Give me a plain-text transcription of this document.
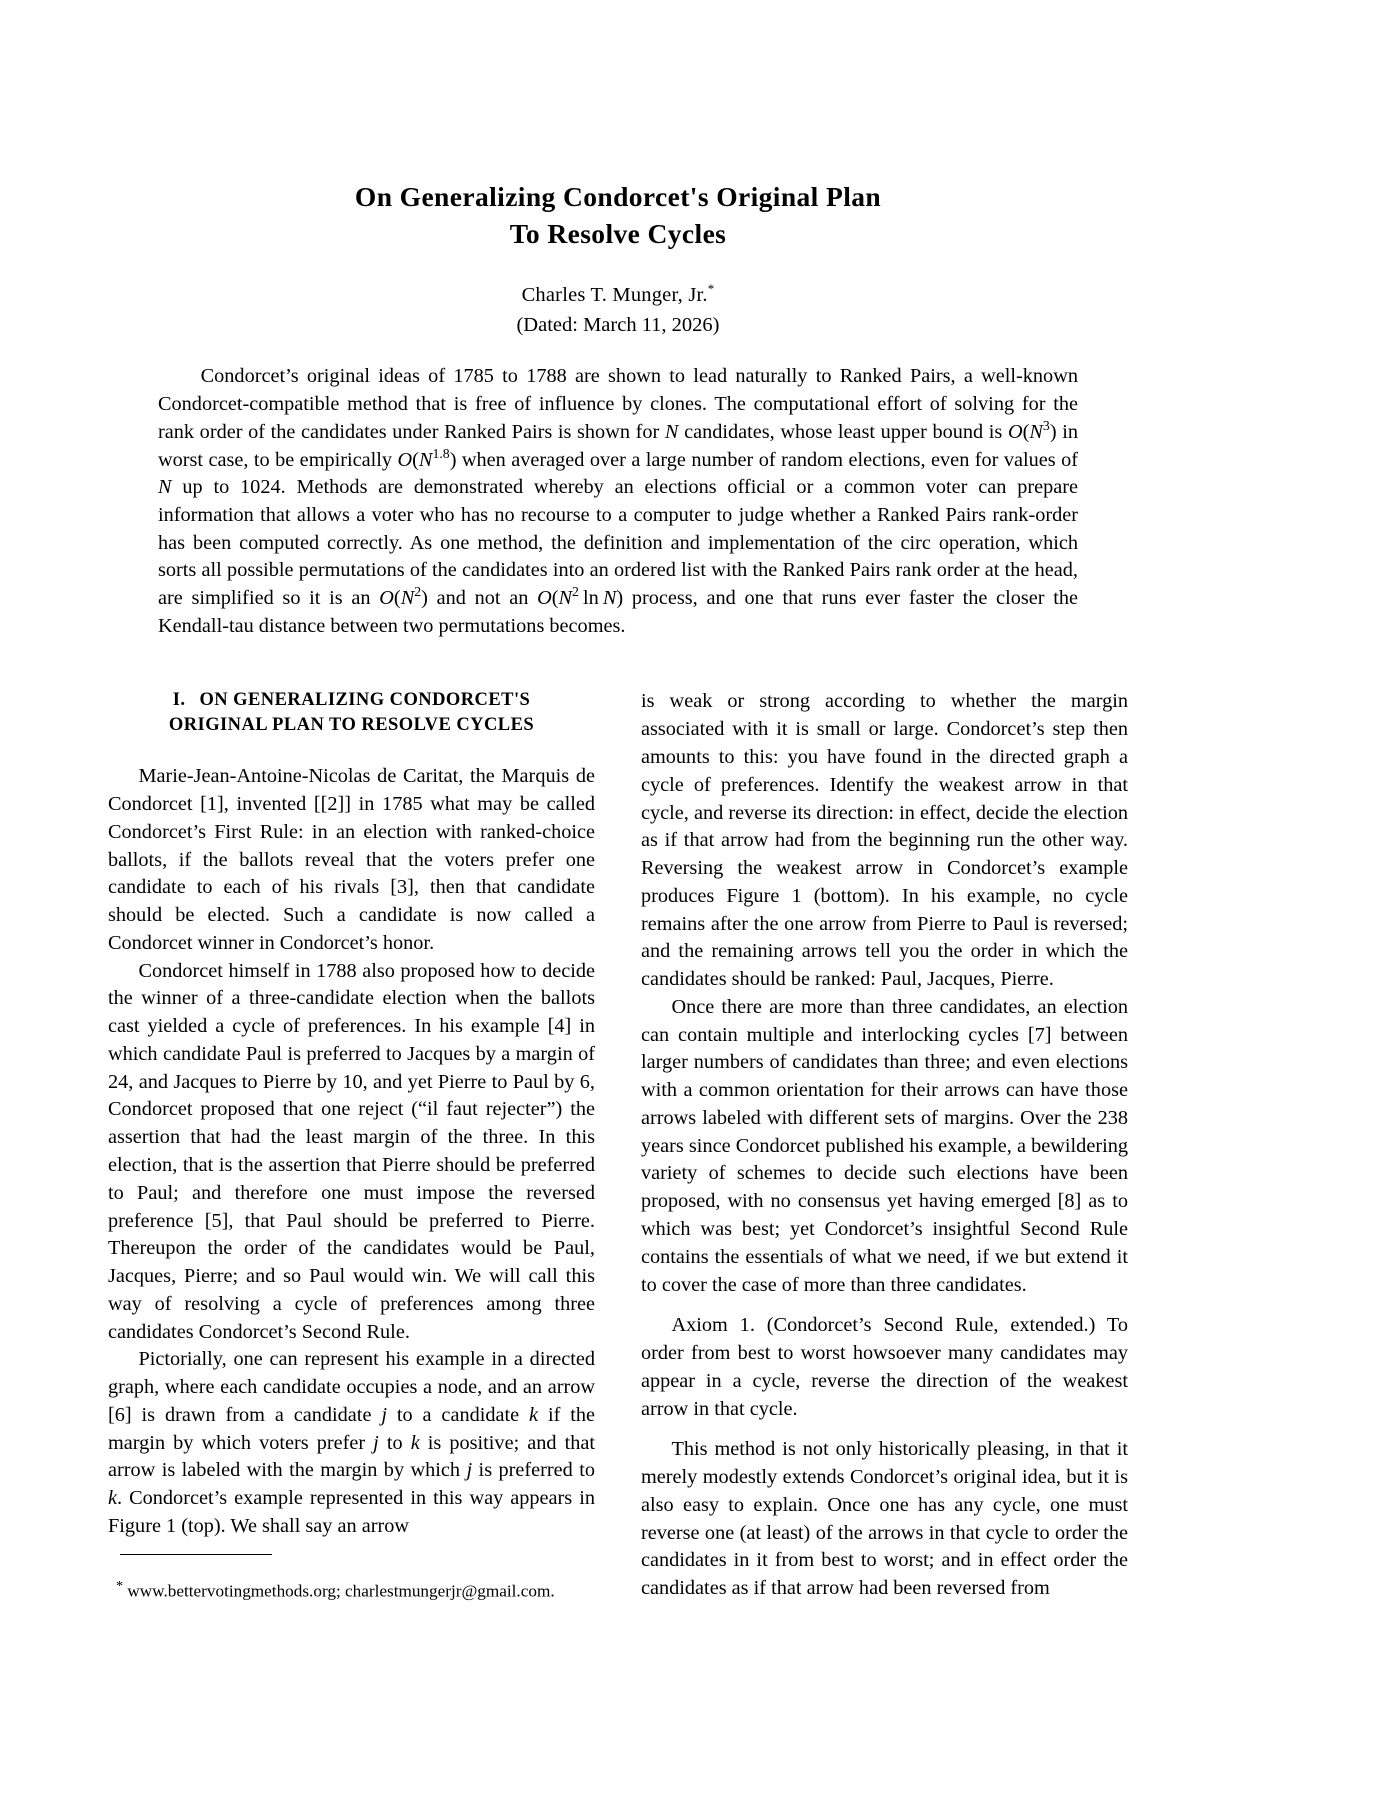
On Generalizing Condorcet's Original Plan
To Resolve Cycles
Charles T. Munger, Jr.*
(Dated: March 11, 2026)
Condorcet’s original ideas of 1785 to 1788 are shown to lead naturally to Ranked Pairs, a well-known Condorcet-compatible method that is free of influence by clones. The computational effort of solving for the rank order of the candidates under Ranked Pairs is shown for N candidates, whose least upper bound is $O(N^3)$ in worst case, to be empirically $O(N^{1.8})$ when averaged over a large number of random elections, even for values of N up to 1024. Methods are demonstrated whereby an elections official or a common voter can prepare information that allows a voter who has no recourse to a computer to judge whether a Ranked Pairs rank-order has been computed correctly. As one method, the definition and implementation of the circ operation, which sorts all possible permutations of the candidates into an ordered list with the Ranked Pairs rank order at the head, are simplified so it is an $O(N^2)$ and not an $O(N^2$ ln N) process, and one that runs ever faster the closer the Kendall-tau distance between two permutations becomes.
I. ON GENERALIZING CONDORCET'S
ORIGINAL PLAN TO RESOLVE CYCLES

Marie-Jean-Antoine-Nicolas de Caritat, the Marquis de Condorcet [1], invented [[2]] in 1785 what may be called Condorcet’s First Rule: in an election with ranked-choice ballots, if the ballots reveal that the voters prefer one candidate to each of his rivals [3], then that candidate should be elected. Such a candidate is now called a Condorcet winner in Condorcet’s honor.

Condorcet himself in 1788 also proposed how to decide the winner of a three-candidate election when the ballots cast yielded a cycle of preferences. In his example [4] in which candidate Paul is preferred to Jacques by a margin of 24, and Jacques to Pierre by 10, and yet Pierre to Paul by 6, Condorcet proposed that one reject (“il faut rejecter”) the assertion that had the least margin of the three. In this election, that is the assertion that Pierre should be preferred to Paul; and therefore one must impose the reversed preference [5], that Paul should be preferred to Pierre. Thereupon the order of the candidates would be Paul, Jacques, Pierre; and so Paul would win. We will call this way of resolving a cycle of preferences among three candidates Condorcet’s Second Rule.

Pictorially, one can represent his example in a directed graph, where each candidate occupies a node, and an arrow [6] is drawn from a candidate j to a candidate k if the margin by which voters prefer j to k is positive; and that arrow is labeled with the margin by which j is preferred to k. Condorcet’s example represented in this way appears in Figure 1 (top). We shall say an arrow

* www.bettervotingmethods.org; charlestmungerjr@gmail.com.

is weak or strong according to whether the margin associated with it is small or large. Condorcet’s step then amounts to this: you have found in the directed graph a cycle of preferences. Identify the weakest arrow in that cycle, and reverse its direction: in effect, decide the election as if that arrow had from the beginning run the other way. Reversing the weakest arrow in Condorcet’s example produces Figure 1 (bottom). In his example, no cycle remains after the one arrow from Pierre to Paul is reversed; and the remaining arrows tell you the order in which the candidates should be ranked: Paul, Jacques, Pierre.

Once there are more than three candidates, an election can contain multiple and interlocking cycles [7] between larger numbers of candidates than three; and even elections with a common orientation for their arrows can have those arrows labeled with different sets of margins. Over the 238 years since Condorcet published his example, a bewildering variety of schemes to decide such elections have been proposed, with no consensus yet having emerged [8] as to which was best; yet Condorcet’s insightful Second Rule contains the essentials of what we need, if we but extend it to cover the case of more than three candidates.

Axiom 1. (Condorcet’s Second Rule, extended.) To order from best to worst howsoever many candidates may appear in a cycle, reverse the direction of the weakest arrow in that cycle.

This method is not only historically pleasing, in that it merely modestly extends Condorcet’s original idea, but it is also easy to explain. Once one has any cycle, one must reverse one (at least) of the arrows in that cycle to order the candidates in it from best to worst; and in effect order the candidates as if that arrow had been reversed from
